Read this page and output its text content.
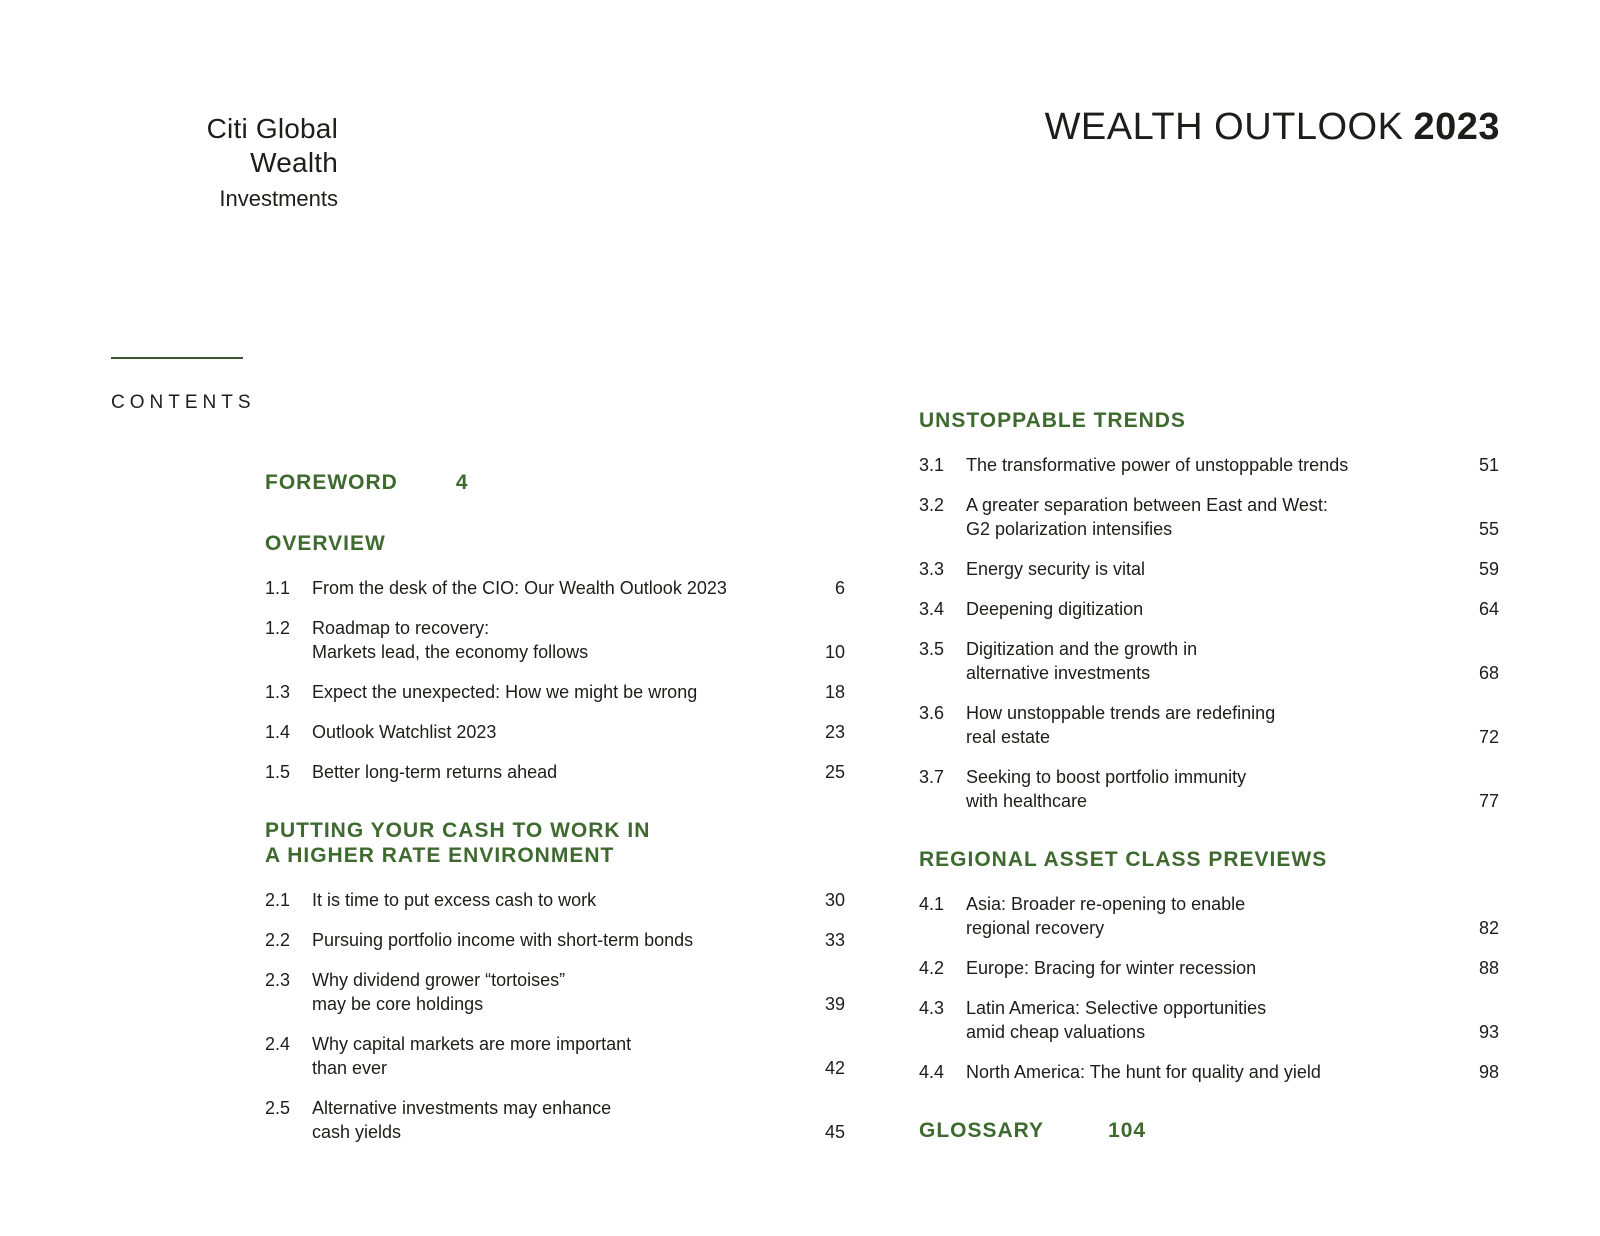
Citi Global Wealth
Investments
WEALTH OUTLOOK 2023
CONTENTS
FOREWORD	4
OVERVIEW
1.1	From the desk of the CIO: Our Wealth Outlook 2023	6
1.2	Roadmap to recovery:
Markets lead, the economy follows	10
1.3	Expect the unexpected: How we might be wrong	18
1.4	Outlook Watchlist 2023	23
1.5	Better long-term returns ahead	25
PUTTING YOUR CASH TO WORK IN
A HIGHER RATE ENVIRONMENT
2.1	It is time to put excess cash to work	30
2.2	Pursuing portfolio income with short-term bonds	33
2.3	Why dividend grower “tortoises”
may be core holdings	39
2.4	Why capital markets are more important
than ever	42
2.5	Alternative investments may enhance
cash yields	45
UNSTOPPABLE TRENDS
3.1	The transformative power of unstoppable trends	51
3.2	A greater separation between East and West:
G2 polarization intensifies	55
3.3	Energy security is vital	59
3.4	Deepening digitization	64
3.5	Digitization and the growth in
alternative investments	68
3.6	How unstoppable trends are redefining
real estate	72
3.7	Seeking to boost portfolio immunity
with healthcare	77
REGIONAL ASSET CLASS PREVIEWS
4.1	Asia: Broader re-opening to enable
regional recovery	82
4.2	Europe: Bracing for winter recession	88
4.3	Latin America: Selective opportunities
amid cheap valuations	93
4.4	North America: The hunt for quality and yield	98
GLOSSARY	104
